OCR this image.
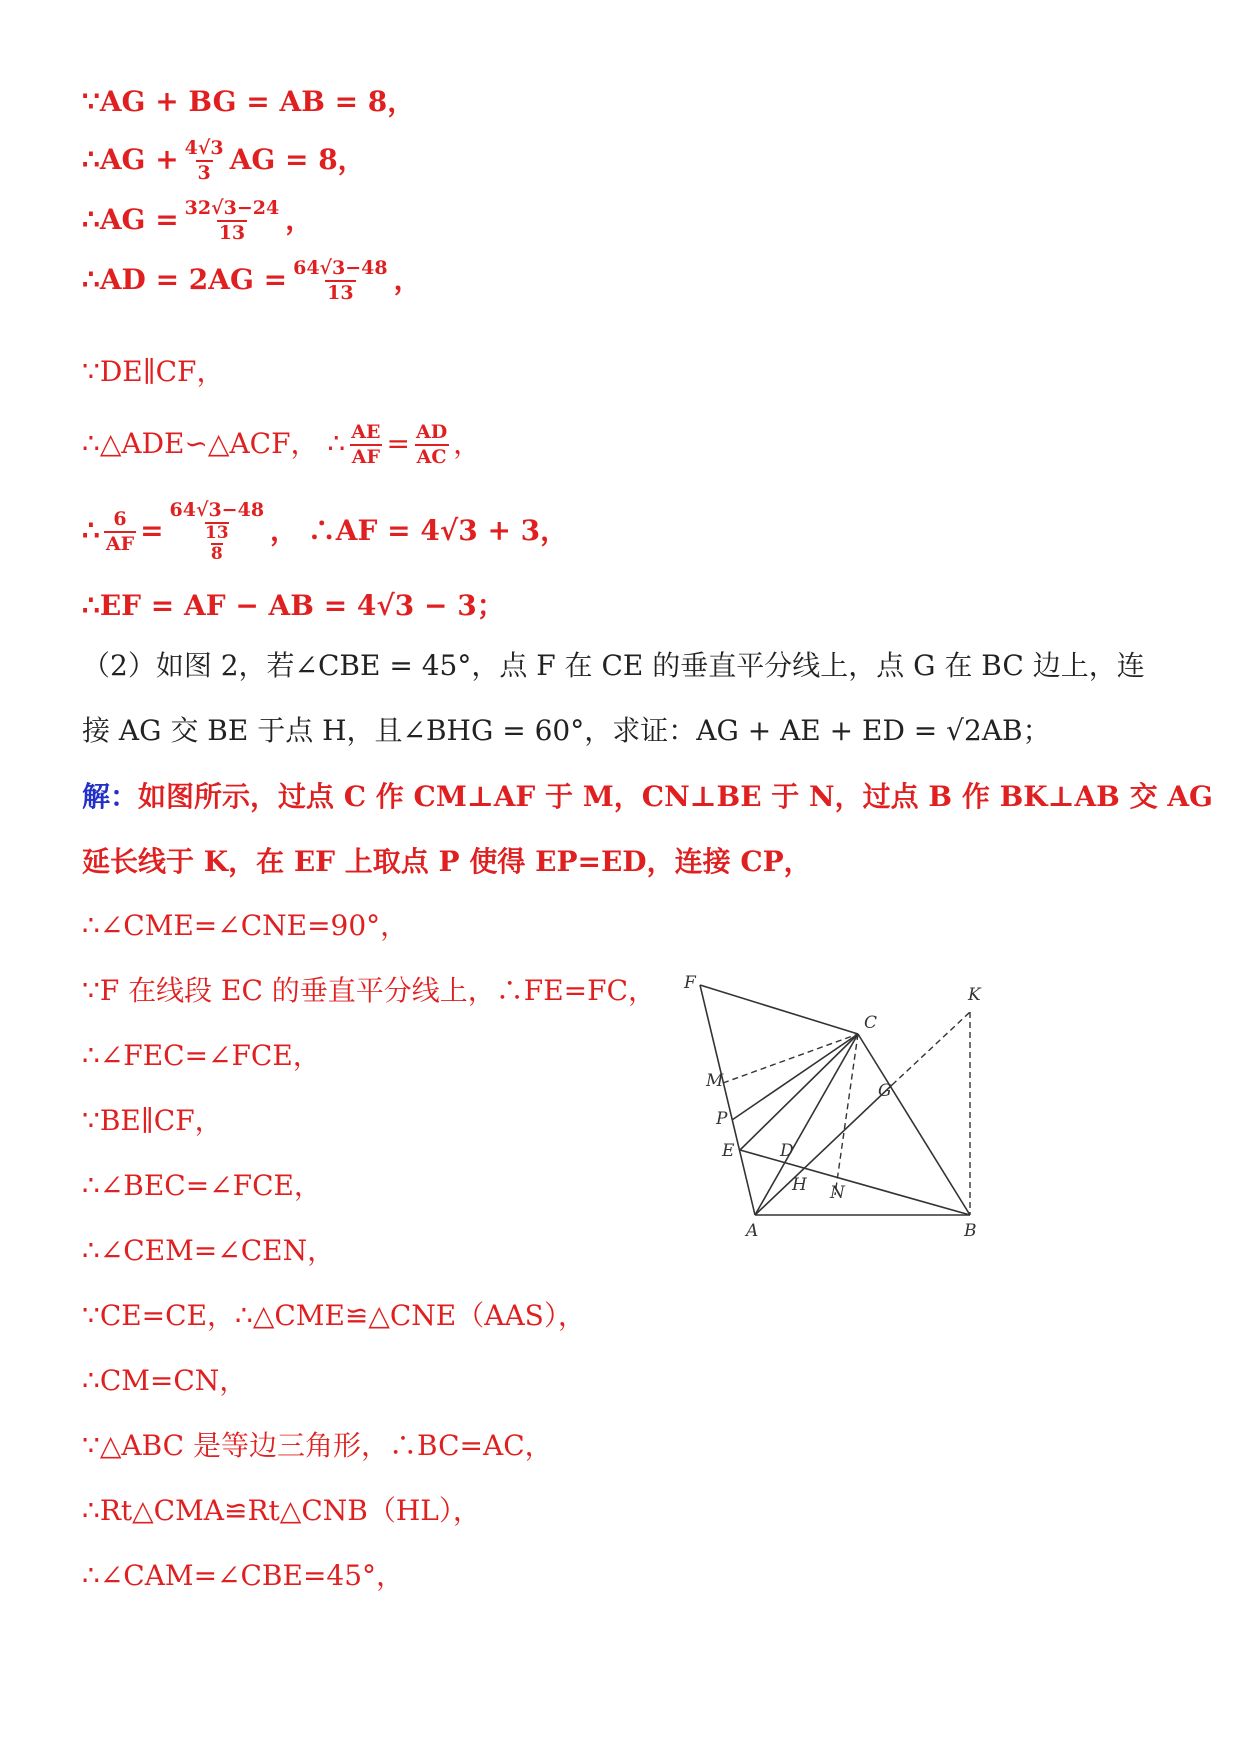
∵AG + BG = AB = 8，
∴AG + $\frac{4√3}{3}$ AG = 8，
∴AG = $\frac{32√3-24}{13}$ ，
∴AD = $2AG = \frac{64√3-48}{13}$ ，
∵DE∥CF，
∴△ADE∽△ACF， ∴ $\frac{AE}{AF} = \frac{AD}{AC}$ ，
∴ $\frac{6}{AF} = 64√3-48$
13
8 ， ∴AF = 4√3 + 3，
∴EF = AF − AB = 4√3 − 3；
（2）如图 2，若∠CBE = 45°，点 F 在 CE 的垂直平分线上，点 G 在 BC 边上，连
接 AG 交 BE 于点 H，且∠BHG = 60°，求证：AG + AE + ED = √2AB；
解：如图所示，过点 C 作 CM⊥AF 于 M，CN⊥BE 于 N，过点 B 作 BK⊥AB 交 AG
延长线于 K，在 EF 上取点 P 使得 EP=ED，连接 CP，
∴∠CME=∠CNE=90°，
∵F 在线段 EC 的垂直平分线上，∴FE=FC，
∴∠FEC=∠FCE，
∵BE∥CF，
∴∠BEC=∠FCE，
∴∠CEM=∠CEN，
∵CE=CE，∴△CME≌△CNE（AAS），
∴CM=CN，
∵△ABC 是等边三角形，∴BC=AC，
∴Rt△CMA≌Rt△CNB（HL），
∴∠CAM=∠CBE=45°，
F
K
C
M	G
P
E	D
H N
A	B
